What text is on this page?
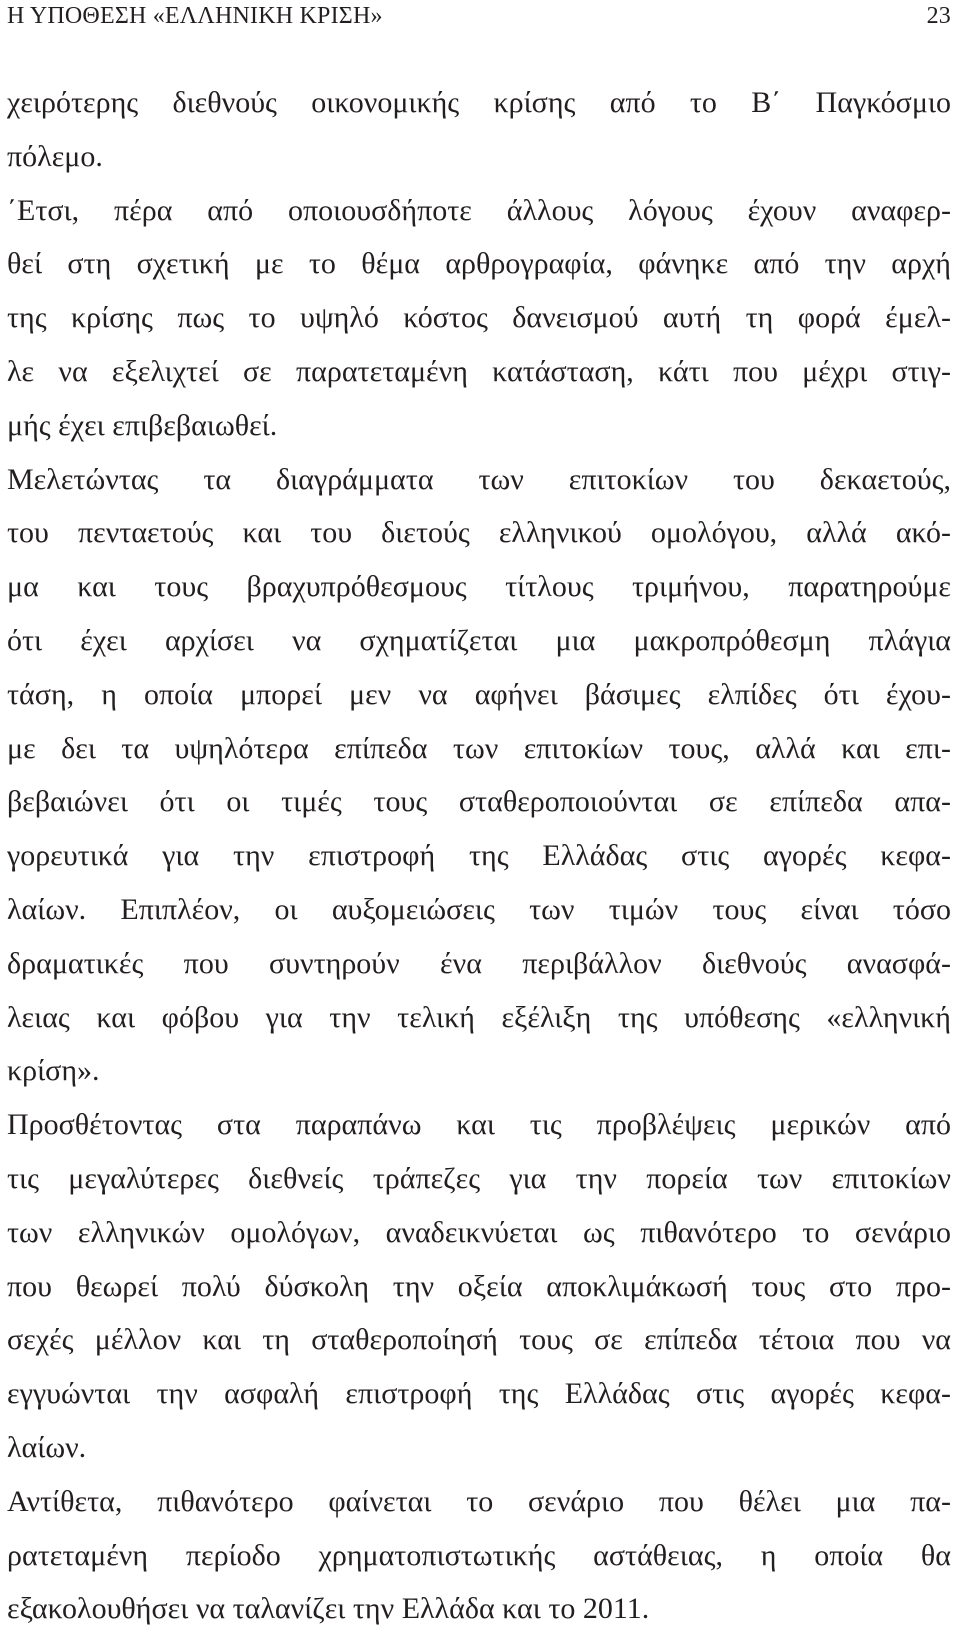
Η ΥΠΟΘΕΣΗ «ΕΛΛΗΝΙΚΗ ΚΡΙΣΗ»	23
χειρότερης διεθνούς οικονομικής κρίσης από το Β΄ Παγκόσμιο
πόλεμο.
΄Ετσι, πέρα από οποιουσδήποτε άλλους λόγους έχουν αναφερ-
θεί στη σχετική με το θέμα αρθρογραφία, φάνηκε από την αρχή
της κρίσης πως το υψηλό κόστος δανεισμού αυτή τη φορά έμελ-
λε να εξελιχτεί σε παρατεταμένη κατάσταση, κάτι που μέχρι στιγ-
μής έχει επιβεβαιωθεί.
Μελετώντας τα διαγράμματα των επιτοκίων του δεκαετούς,
του πενταετούς και του διετούς ελληνικού ομολόγου, αλλά ακό-
μα και τους βραχυπρόθεσμους τίτλους τριμήνου, παρατηρούμε
ότι έχει αρχίσει να σχηματίζεται μια μακροπρόθεσμη πλάγια
τάση, η οποία μπορεί μεν να αφήνει βάσιμες ελπίδες ότι έχου-
με δει τα υψηλότερα επίπεδα των επιτοκίων τους, αλλά και επι-
βεβαιώνει ότι οι τιμές τους σταθεροποιούνται σε επίπεδα απα-
γορευτικά για την επιστροφή της Ελλάδας στις αγορές κεφα-
λαίων. Επιπλέον, οι αυξομειώσεις των τιμών τους είναι τόσο
δραματικές που συντηρούν ένα περιβάλλον διεθνούς ανασφά-
λειας και φόβου για την τελική εξέλιξη της υπόθεσης «ελληνική
κρίση».
Προσθέτοντας στα παραπάνω και τις προβλέψεις μερικών από
τις μεγαλύτερες διεθνείς τράπεζες για την πορεία των επιτοκίων
των ελληνικών ομολόγων, αναδεικνύεται ως πιθανότερο το σενάριο
που θεωρεί πολύ δύσκολη την οξεία αποκλιμάκωσή τους στο προ-
σεχές μέλλον και τη σταθεροποίησή τους σε επίπεδα τέτοια που να
εγγυώνται την ασφαλή επιστροφή της Ελλάδας στις αγορές κεφα-
λαίων.
Αντίθετα, πιθανότερο φαίνεται το σενάριο που θέλει μια πα-
ρατεταμένη περίοδο χρηματοπιστωτικής αστάθειας, η οποία θα
εξακολουθήσει να ταλανίζει την Ελλάδα και το 2011.
